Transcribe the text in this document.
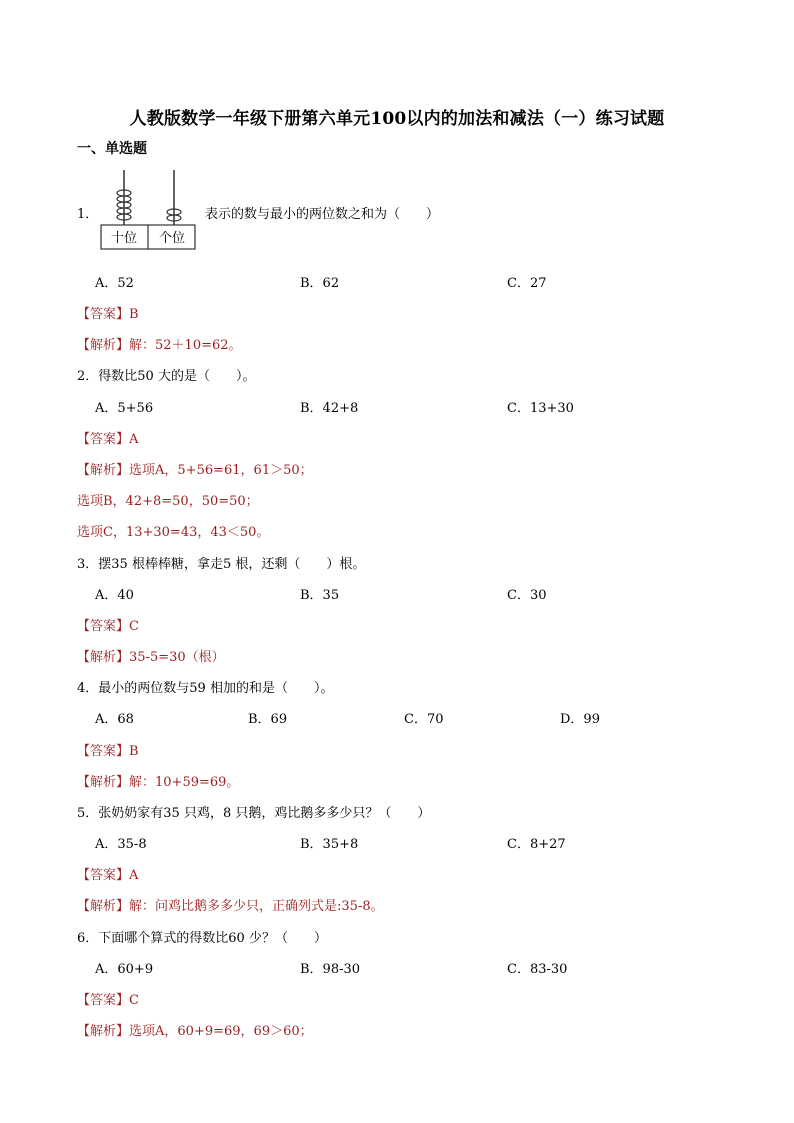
人教版数学一年级下册第六单元100以内的加法和减法（一）练习试题
一、单选题
1．
十位 个位
表示的数与最小的两位数之和为（　　）
A．52	B．62	C．27
【答案】B
【解析】解：52＋10=62。
2．得数比50 大的是（　　）。
A．5+56	B．42+8	C．13+30
【答案】A
【解析】选项A，5+56=61，61＞50；
选项B，42+8=50，50=50；
选项C，13+30=43，43＜50。
3．摆35 根棒棒糖，拿走5 根，还剩（　　）根。
A．40	B．35	C．30
【答案】C
【解析】35-5=30（根）
4．最小的两位数与59 相加的和是（　　）。
A．68	B．69	C．70	D．99
【答案】B
【解析】解：10+59=69。
5．张奶奶家有35 只鸡，8 只鹅，鸡比鹅多多少只？（　　）
A．35-8	B．35+8	C．8+27
【答案】A
【解析】解：问鸡比鹅多多少只，正确列式是:35-8。
6．下面哪个算式的得数比60 少？（　　）
A．60+9	B．98-30	C．83-30
【答案】C
【解析】选项A，60+9=69，69＞60；
